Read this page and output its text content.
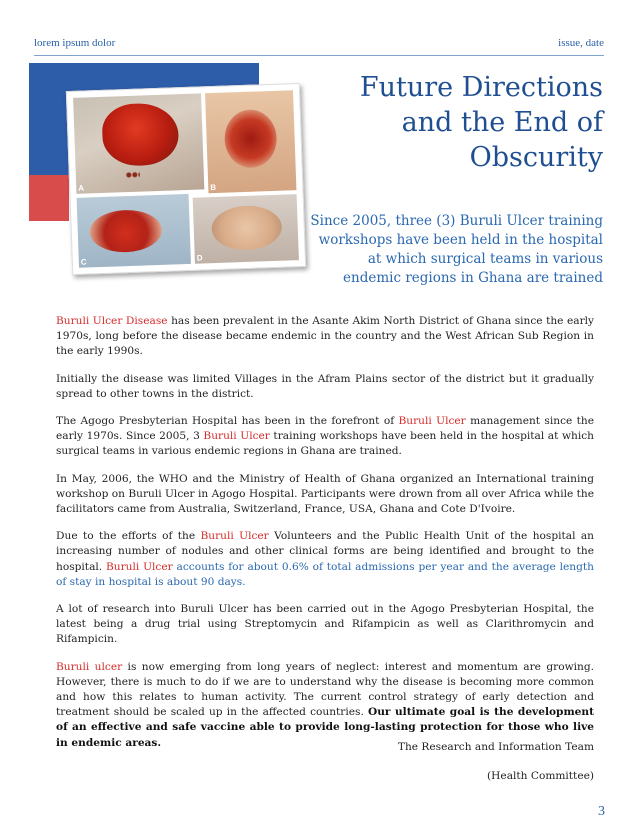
lorem ipsum dolor	issue, date
A	B
C	D
Future Directions
and the End of
Obscurity
Since 2005, three (3) Buruli Ulcer training
workshops have been held in the hospital
at which surgical teams in various
endemic regions in Ghana are trained

Buruli Ulcer Disease has been prevalent in the Asante Akim North District of Ghana since the early 1970s, long before the disease became endemic in the country and the West African Sub Region in the early 1990s.

Initially the disease was limited Villages in the Afram Plains sector of the district but it gradually spread to other towns in the district.

The Agogo Presbyterian Hospital has been in the forefront of Buruli Ulcer management since the early 1970s. Since 2005, 3 Buruli Ulcer training workshops have been held in the hospital at which surgical teams in various endemic regions in Ghana are trained.

In May, 2006, the WHO and the Ministry of Health of Ghana organized an International training workshop on Buruli Ulcer in Agogo Hospital. Participants were drown from all over Africa while the facilitators came from Australia, Switzerland, France, USA, Ghana and Cote D'Ivoire.

Due to the efforts of the Buruli Ulcer Volunteers and the Public Health Unit of the hospital an increasing number of nodules and other clinical forms are being identified and brought to the hospital. Buruli Ulcer accounts for about 0.6% of total admissions per year and the average length of stay in hospital is about 90 days.

A lot of research into Buruli Ulcer has been carried out in the Agogo Presbyterian Hospital, the latest being a drug trial using Streptomycin and Rifampicin as well as Clarithromycin and Rifampicin.

Buruli ulcer is now emerging from long years of neglect: interest and momentum are growing. However, there is much to do if we are to understand why the disease is becoming more common and how this relates to human activity. The current control strategy of early detection and treatment should be scaled up in the affected countries. Our ultimate goal is the development of an effective and safe vaccine able to provide long-lasting protection for those who live in endemic areas.	The Research and Information Team
(Health Committee)
3
